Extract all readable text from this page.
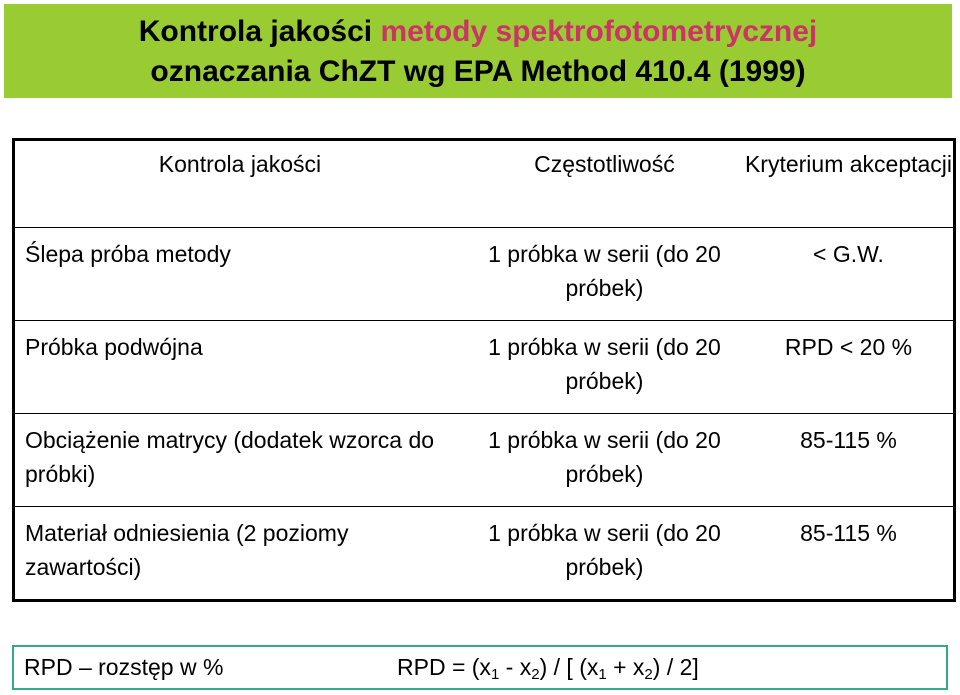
Kontrola jakości metody spektrofotometrycznej
oznaczania ChZT wg EPA Method 410.4 (1999)
Kontrola jakości	Częstotliwość	Kryterium akceptacji
Ślepa próba metody	1 próbka w serii (do 20 próbek)	< G.W.
Próbka podwójna	1 próbka w serii (do 20 próbek)	RPD < 20 %
Obciążenie matrycy (dodatek wzorca do próbki)	1 próbka w serii (do 20 próbek)	85-115 %
Materiał odniesienia (2 poziomy zawartości)	1 próbka w serii (do 20 próbek)	85-115 %
RPD – rozstęp w %	RPD = $(x_1 - x_2)$ / [ $(x_1 + x_2) / 2$]
